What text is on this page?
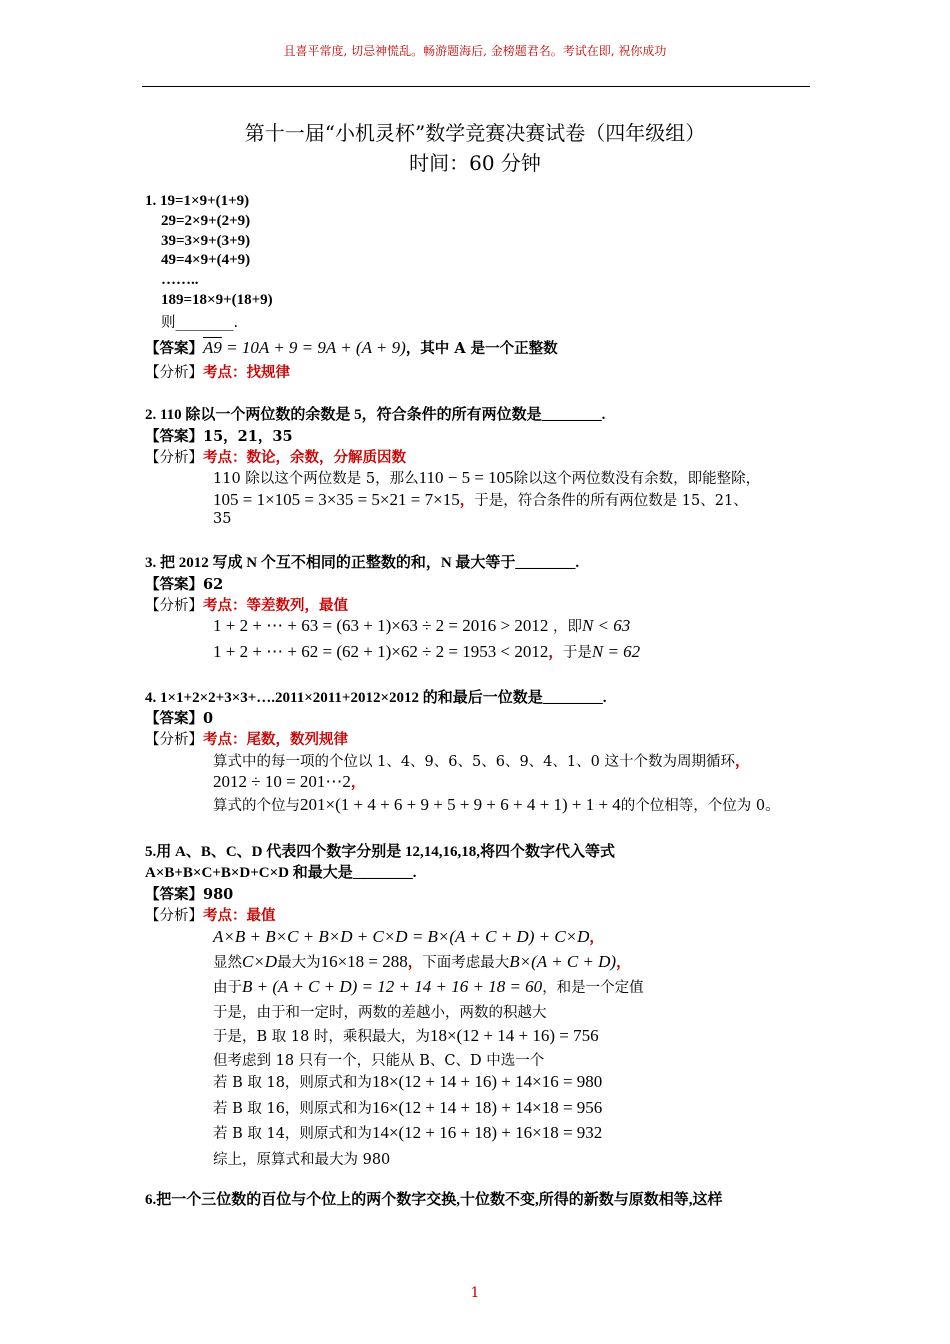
且喜平常度, 切忌神慌乱。畅游题海后, 金榜题君名。考试在即, 祝你成功
第十一届“小机灵杯”数学竞赛决赛试卷（四年级组）
时间：60 分钟
1. 19=1×9+(1+9)
29=2×9+(2+9)
39=3×9+(3+9)
49=4×9+(4+9)
……..
189=18×9+(18+9)
则________.
【答案】A9 = 10A + 9 = 9A + (A + 9)，其中 A 是一个正整数
【分析】考点：找规律
2. 110 除以一个两位数的余数是 5，符合条件的所有两位数是________.
【答案】15，21，35
【分析】考点：数论，余数，分解质因数
110 除以这个两位数是 5，那么110 − 5 = 105除以这个两位数没有余数，即能整除，
105 = 1×105 = 3×35 = 5×21 = 7×15，于是，符合条件的所有两位数是 15、21、
35
3. 把 2012 写成 N 个互不相同的正整数的和，N 最大等于________.
【答案】62
【分析】考点：等差数列，最值
1 + 2 + ⋯ + 63 = (63 + 1)×63 ÷ 2 = 2016 > 2012 ，即N < 63
1 + 2 + ⋯ + 62 = (62 + 1)×62 ÷ 2 = 1953 < 2012，于是N = 62
4. 1×1+2×2+3×3+….2011×2011+2012×2012 的和最后一位数是________.
【答案】0
【分析】考点：尾数，数列规律
算式中的每一项的个位以 1、4、9、6、5、6、9、4、1、0 这十个数为周期循环，
2012 ÷ 10 = 201⋯2，
算式的个位与201×(1 + 4 + 6 + 9 + 5 + 9 + 6 + 4 + 1) + 1 + 4的个位相等，个位为 0。
5.用 A、B、C、D 代表四个数字分别是 12,14,16,18,将四个数字代入等式
A×B+B×C+B×D+C×D 和最大是________.
【答案】980
【分析】考点：最值
A×B + B×C + B×D + C×D = B×(A + C + D) + C×D，
显然C×D最大为16×18 = 288，下面考虑最大B×(A + C + D)，
由于B + (A + C + D) = 12 + 14 + 16 + 18 = 60，和是一个定值
于是，由于和一定时，两数的差越小，两数的积越大
于是，B 取 18 时，乘积最大，为18×(12 + 14 + 16) = 756
但考虑到 18 只有一个，只能从 B、C、D 中选一个
若 B 取 18，则原式和为18×(12 + 14 + 16) + 14×16 = 980
若 B 取 16，则原式和为16×(12 + 14 + 18) + 14×18 = 956
若 B 取 14，则原式和为14×(12 + 16 + 18) + 16×18 = 932
综上，原算式和最大为 980
6.把一个三位数的百位与个位上的两个数字交换,十位数不变,所得的新数与原数相等,这样
1
